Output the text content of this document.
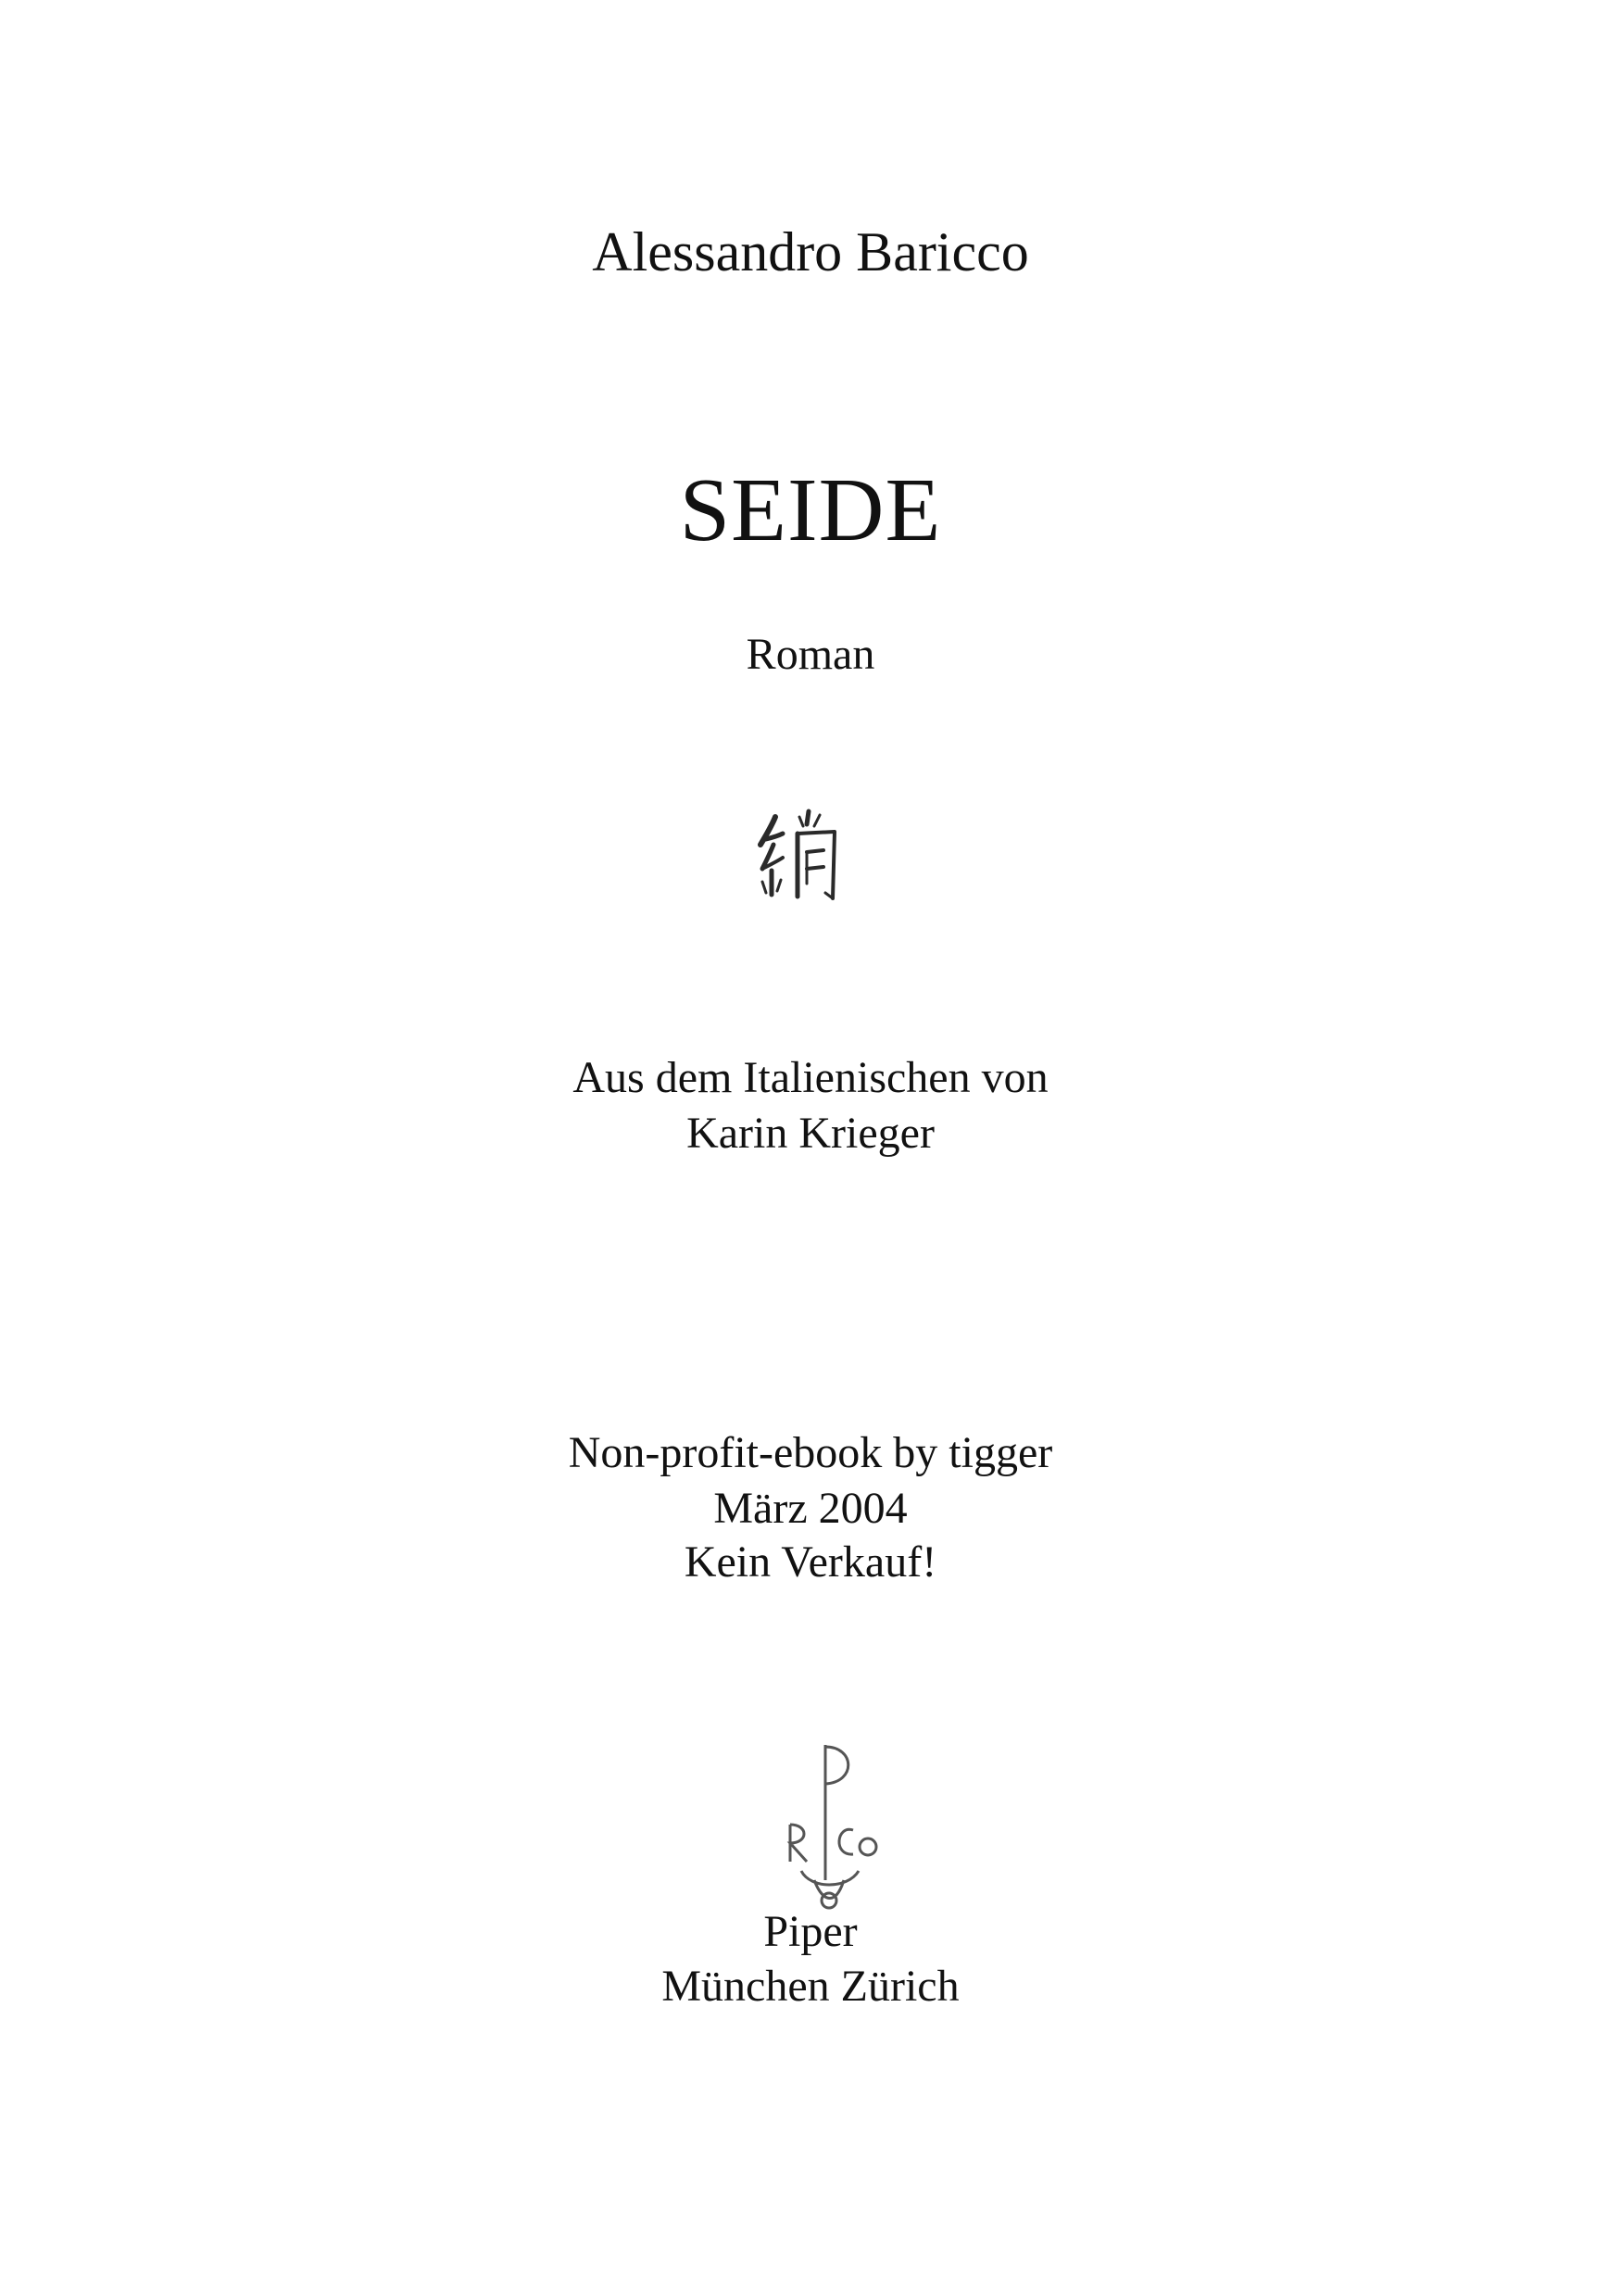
Alessandro Baricco
SEIDE
Roman
Aus dem Italienischen von
Karin Krieger
Non-profit-ebook by tigger
März 2004
Kein Verkauf!
Piper
München Zürich
